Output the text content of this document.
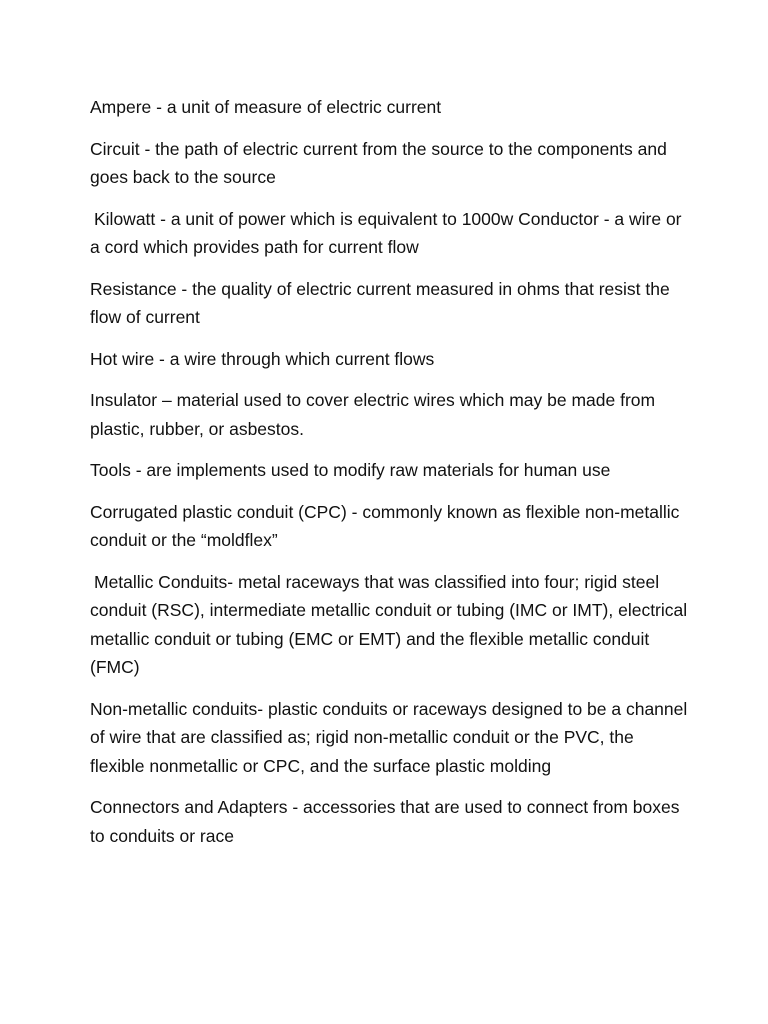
Ampere - a unit of measure of electric current

Circuit - the path of electric current from the source to the components and goes back to the source

Kilowatt - a unit of power which is equivalent to 1000w Conductor - a wire or a cord which provides path for current flow

Resistance - the quality of electric current measured in ohms that resist the flow of current

Hot wire - a wire through which current flows

Insulator – material used to cover electric wires which may be made from plastic, rubber, or asbestos.

Tools - are implements used to modify raw materials for human use

Corrugated plastic conduit (CPC) - commonly known as flexible non-metallic conduit or the “moldflex”

Metallic Conduits- metal raceways that was classified into four; rigid steel conduit (RSC), intermediate metallic conduit or tubing (IMC or IMT), electrical metallic conduit or tubing (EMC or EMT) and the flexible metallic conduit (FMC)

Non-metallic conduits- plastic conduits or raceways designed to be a channel of wire that are classified as; rigid non-metallic conduit or the PVC, the flexible nonmetallic or CPC, and the surface plastic molding

Connectors and Adapters - accessories that are used to connect from boxes to conduits or race
